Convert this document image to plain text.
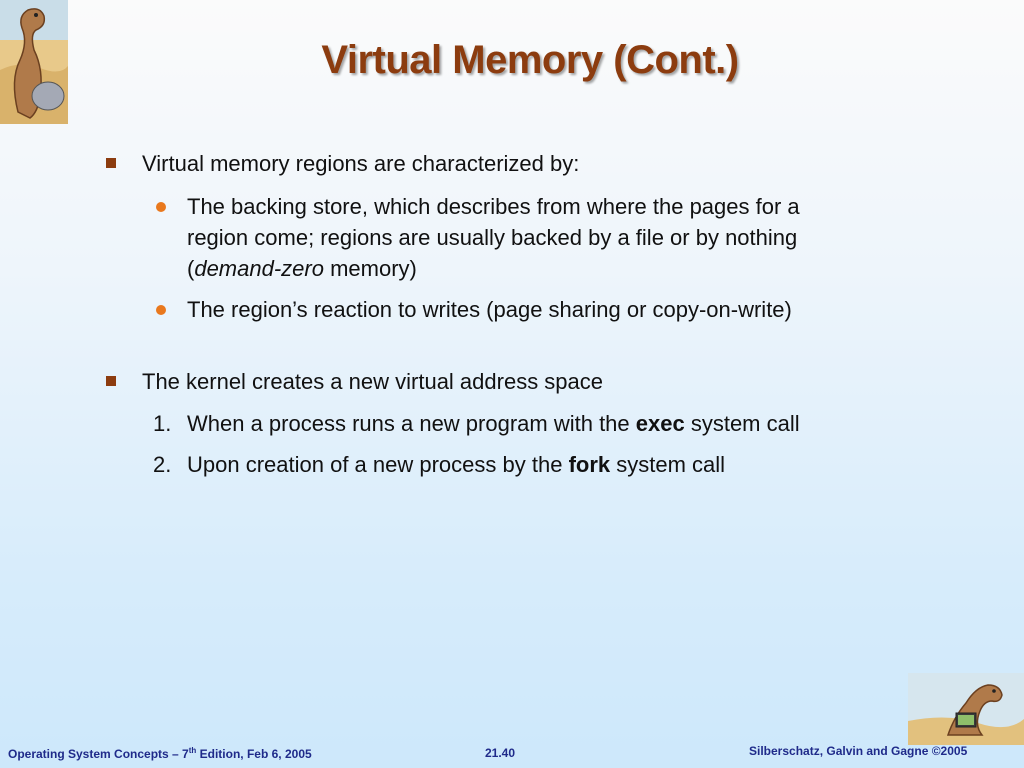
Virtual Memory (Cont.)
Virtual memory regions are characterized by:
The backing store, which describes from where the pages for a
region come; regions are usually backed by a file or by nothing
(demand-zero memory)
The region’s reaction to writes (page sharing or copy-on-write)
The kernel creates a new virtual address space
1. When a process runs a new program with the exec system call
2. Upon creation of a new process by the fork system call
Operating System Concepts – 7th Edition, Feb 6, 2005	21.40	Silberschatz, Galvin and Gagne ©2005
